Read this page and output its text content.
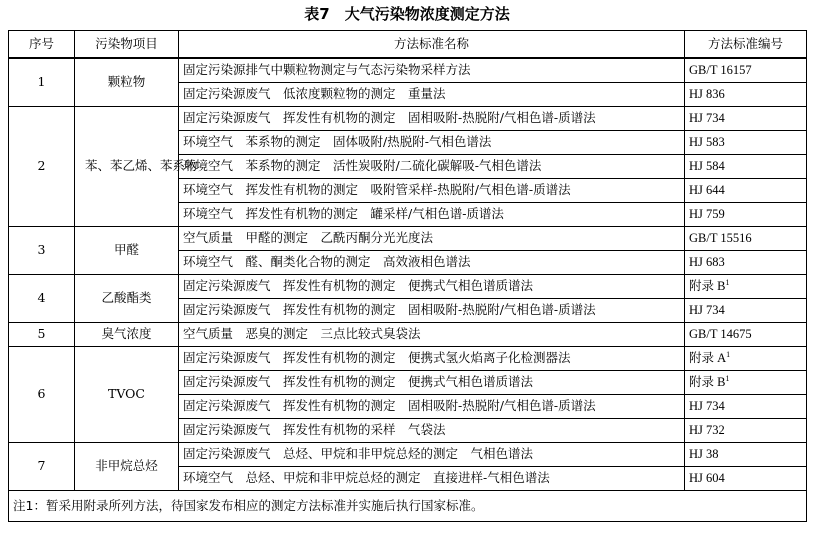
表7　大气污染物浓度测定方法
序号	污染物项目	方法标准名称	方法标准编号
1	颗粒物	固定污染源排气中颗粒物测定与气态污染物采样方法	GB/T 16157
		固定污染源废气　低浓度颗粒物的测定　重量法	HJ 836
2	苯、苯乙烯、苯系物	固定污染源废气　挥发性有机物的测定　固相吸附-热脱附/气相色谱-质谱法	HJ 734
		环境空气　苯系物的测定　固体吸附/热脱附-气相色谱法	HJ 583
		环境空气　苯系物的测定　活性炭吸附/二硫化碳解吸-气相色谱法	HJ 584
		环境空气　挥发性有机物的测定　吸附管采样-热脱附/气相色谱-质谱法	HJ 644
		环境空气　挥发性有机物的测定　罐采样/气相色谱-质谱法	HJ 759
3	甲醛	空气质量　甲醛的测定　乙酰丙酮分光光度法	GB/T 15516
		环境空气　醛、酮类化合物的测定　高效液相色谱法	HJ 683
4	乙酸酯类	固定污染源废气　挥发性有机物的测定　便携式气相色谱质谱法	附录 $B^1$
		固定污染源废气　挥发性有机物的测定　固相吸附-热脱附/气相色谱-质谱法	HJ 734
5	臭气浓度	空气质量　恶臭的测定　三点比较式臭袋法	GB/T 14675
6	TVOC	固定污染源废气　挥发性有机物的测定　便携式氢火焰离子化检测器法	附录 $A^1$
		固定污染源废气　挥发性有机物的测定　便携式气相色谱质谱法	附录 $B^1$
		固定污染源废气　挥发性有机物的测定　固相吸附-热脱附/气相色谱-质谱法	HJ 734
		固定污染源废气　挥发性有机物的采样　气袋法	HJ 732
7	非甲烷总烃	固定污染源废气　总烃、甲烷和非甲烷总烃的测定　气相色谱法	HJ 38
		环境空气　总烃、甲烷和非甲烷总烃的测定　直接进样-气相色谱法	HJ 604
注1：暂采用附录所列方法，待国家发布相应的测定方法标准并实施后执行国家标准。			
